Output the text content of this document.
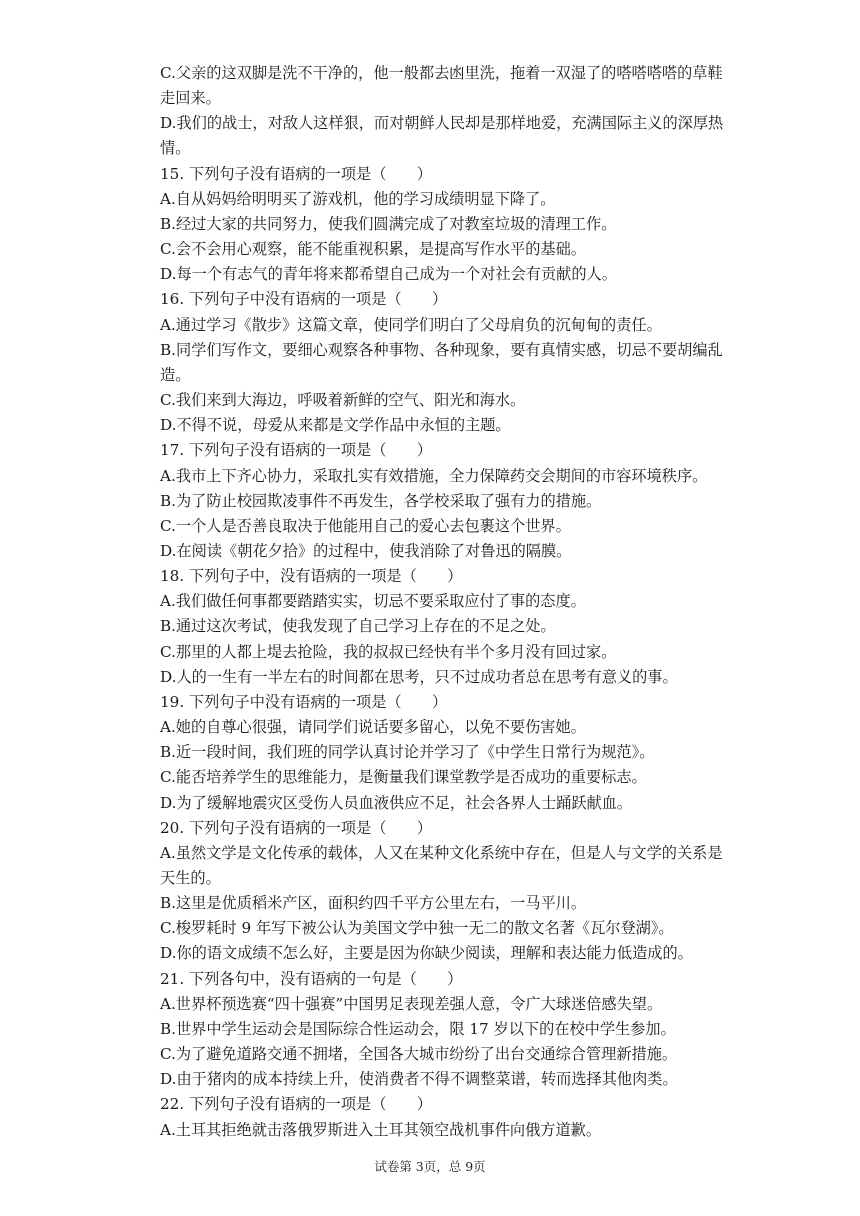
C.父亲的这双脚是洗不干净的，他一般都去凼里洗，拖着一双湿了的嗒嗒嗒嗒的草鞋走回来。
D.我们的战士，对敌人这样狠，而对朝鲜人民却是那样地爱，充满国际主义的深厚热情。
15. 下列句子没有语病的一项是（　　）
A.自从妈妈给明明买了游戏机，他的学习成绩明显下降了。
B.经过大家的共同努力，使我们圆满完成了对教室垃圾的清理工作。
C.会不会用心观察，能不能重视积累，是提高写作水平的基础。
D.每一个有志气的青年将来都希望自己成为一个对社会有贡献的人。
16. 下列句子中没有语病的一项是（　　）
A.通过学习《散步》这篇文章，使同学们明白了父母肩负的沉甸甸的责任。
B.同学们写作文，要细心观察各种事物、各种现象，要有真情实感，切忌不要胡编乱造。
C.我们来到大海边，呼吸着新鲜的空气、阳光和海水。
D.不得不说，母爱从来都是文学作品中永恒的主题。
17. 下列句子没有语病的一项是（　　）
A.我市上下齐心协力，采取扎实有效措施，全力保障药交会期间的市容环境秩序。
B.为了防止校园欺凌事件不再发生，各学校采取了强有力的措施。
C.一个人是否善良取决于他能用自己的爱心去包裹这个世界。
D.在阅读《朝花夕拾》的过程中，使我消除了对鲁迅的隔膜。
18. 下列句子中，没有语病的一项是（　　）
A.我们做任何事都要踏踏实实，切忌不要采取应付了事的态度。
B.通过这次考试，使我发现了自己学习上存在的不足之处。
C.那里的人都上堤去抢险，我的叔叔已经快有半个多月没有回过家。
D.人的一生有一半左右的时间都在思考，只不过成功者总在思考有意义的事。
19. 下列句子中没有语病的一项是（　　）
A.她的自尊心很强，请同学们说话要多留心，以免不要伤害她。
B.近一段时间，我们班的同学认真讨论并学习了《中学生日常行为规范》。
C.能否培养学生的思维能力，是衡量我们课堂教学是否成功的重要标志。
D.为了缓解地震灾区受伤人员血液供应不足，社会各界人士踊跃献血。
20. 下列句子没有语病的一项是（　　）
A.虽然文学是文化传承的载体，人又在某种文化系统中存在，但是人与文学的关系是天生的。
B.这里是优质稻米产区，面积约四千平方公里左右，一马平川。
C.梭罗耗时 9 年写下被公认为美国文学中独一无二的散文名著《瓦尔登湖》。
D.你的语文成绩不怎么好，主要是因为你缺少阅读，理解和表达能力低造成的。
21. 下列各句中，没有语病的一句是（　　）
A.世界杯预选赛“四十强赛”中国男足表现差强人意，令广大球迷倍感失望。
B.世界中学生运动会是国际综合性运动会，限 17 岁以下的在校中学生参加。
C.为了避免道路交通不拥堵，全国各大城市纷纷了出台交通综合管理新措施。
D.由于猪肉的成本持续上升，使消费者不得不调整菜谱，转而选择其他肉类。
22. 下列句子没有语病的一项是（　　）
A.土耳其拒绝就击落俄罗斯进入土耳其领空战机事件向俄方道歉。
试卷第 3页，总 9页
